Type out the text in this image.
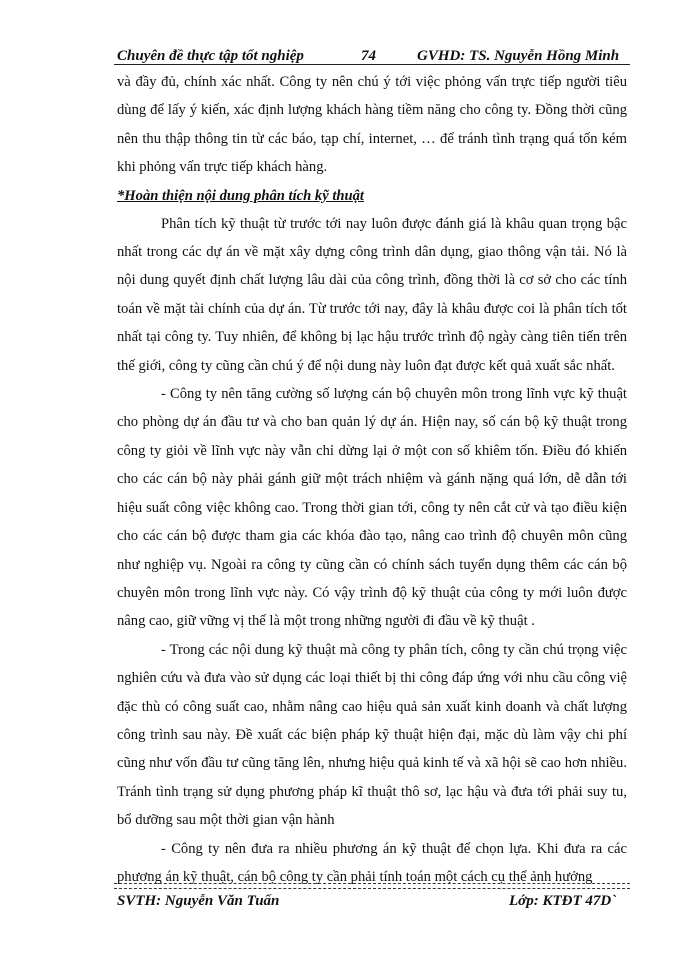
Chuyên đề thực tập tốt nghiệp	74	GVHD: TS. Nguyễn Hồng Minh

và đầy đủ, chính xác nhất. Công ty nên chú ý tới việc phỏng vấn trực tiếp người tiêu dùng để lấy ý kiến, xác định lượng khách hàng tiềm năng cho công ty. Đồng thời cũng nên thu thập thông tin từ các báo, tạp chí, internet, … để tránh tình trạng quá tốn kém khi phỏng vấn trực tiếp khách hàng.

*Hoàn thiện nội dung phân tích kỹ thuật

Phân tích kỹ thuật từ trước tới nay luôn được đánh giá là khâu quan trọng bậc nhất trong các dự án về mặt xây dựng công trình dân dụng, giao thông vận tải. Nó là nội dung quyết định chất lượng lâu dài của công trình, đồng thời là cơ sở cho các tính toán về mặt tài chính của dự án. Từ trước tới nay, đây là khâu được coi là phân tích tốt nhất tại công ty. Tuy nhiên, để không bị lạc hậu trước trình độ ngày càng tiên tiến trên thế giới, công ty cũng cần chú ý để nội dung này luôn đạt được kết quả xuất sắc nhất.

- Công ty nên tăng cường số lượng cán bộ chuyên môn trong lĩnh vực kỹ thuật cho phòng dự án đầu tư và cho ban quản lý dự án. Hiện nay, số cán bộ kỹ thuật trong công ty giỏi về lĩnh vực này vẫn chỉ dừng lại ở một con số khiêm tốn. Điều đó khiến cho các cán bộ này phải gánh giữ một trách nhiệm và gánh nặng quá lớn, dễ dẫn tới hiệu suất công việc không cao. Trong thời gian tới, công ty nên cắt cử và tạo điều kiện cho các cán bộ được tham gia các khóa đào tạo, nâng cao trình độ chuyên môn cũng như nghiệp vụ. Ngoài ra công ty cũng cần có chính sách tuyển dụng thêm các cán bộ chuyên môn trong lĩnh vực này. Có vậy trình độ kỹ thuật của công ty mới luôn được nâng cao, giữ vững vị thế là một trong những người đi đầu về kỹ thuật .

- Trong các nội dung kỹ thuật mà công ty phân tích, công ty cần chú trọng việc nghiên cứu và đưa vào sử dụng các loại thiết bị thi công đáp ứng với nhu cầu công việ đặc thù có công suất cao, nhằm nâng cao hiệu quả sản xuất kinh doanh và chất lượng công trình sau này. Đề xuất các biện pháp kỹ thuật hiện đại, mặc dù làm vậy chi phí cũng như vốn đầu tư cũng tăng lên, nhưng hiệu quả kinh tế và xã hội sẽ cao hơn nhiều. Tránh tình trạng sử dụng phương pháp kĩ thuật thô sơ, lạc hậu và đưa tới phải suy tu, bổ dưỡng sau một thời gian vận hành

- Công ty nên đưa ra nhiều phương án kỹ thuật để chọn lựa. Khi đưa ra các phương án kỹ thuật, cán bộ công ty cần phải tính toán một cách cụ thể ảnh hưởng

SVTH: Nguyễn Văn Tuấn	Lớp: KTĐT 47D`
